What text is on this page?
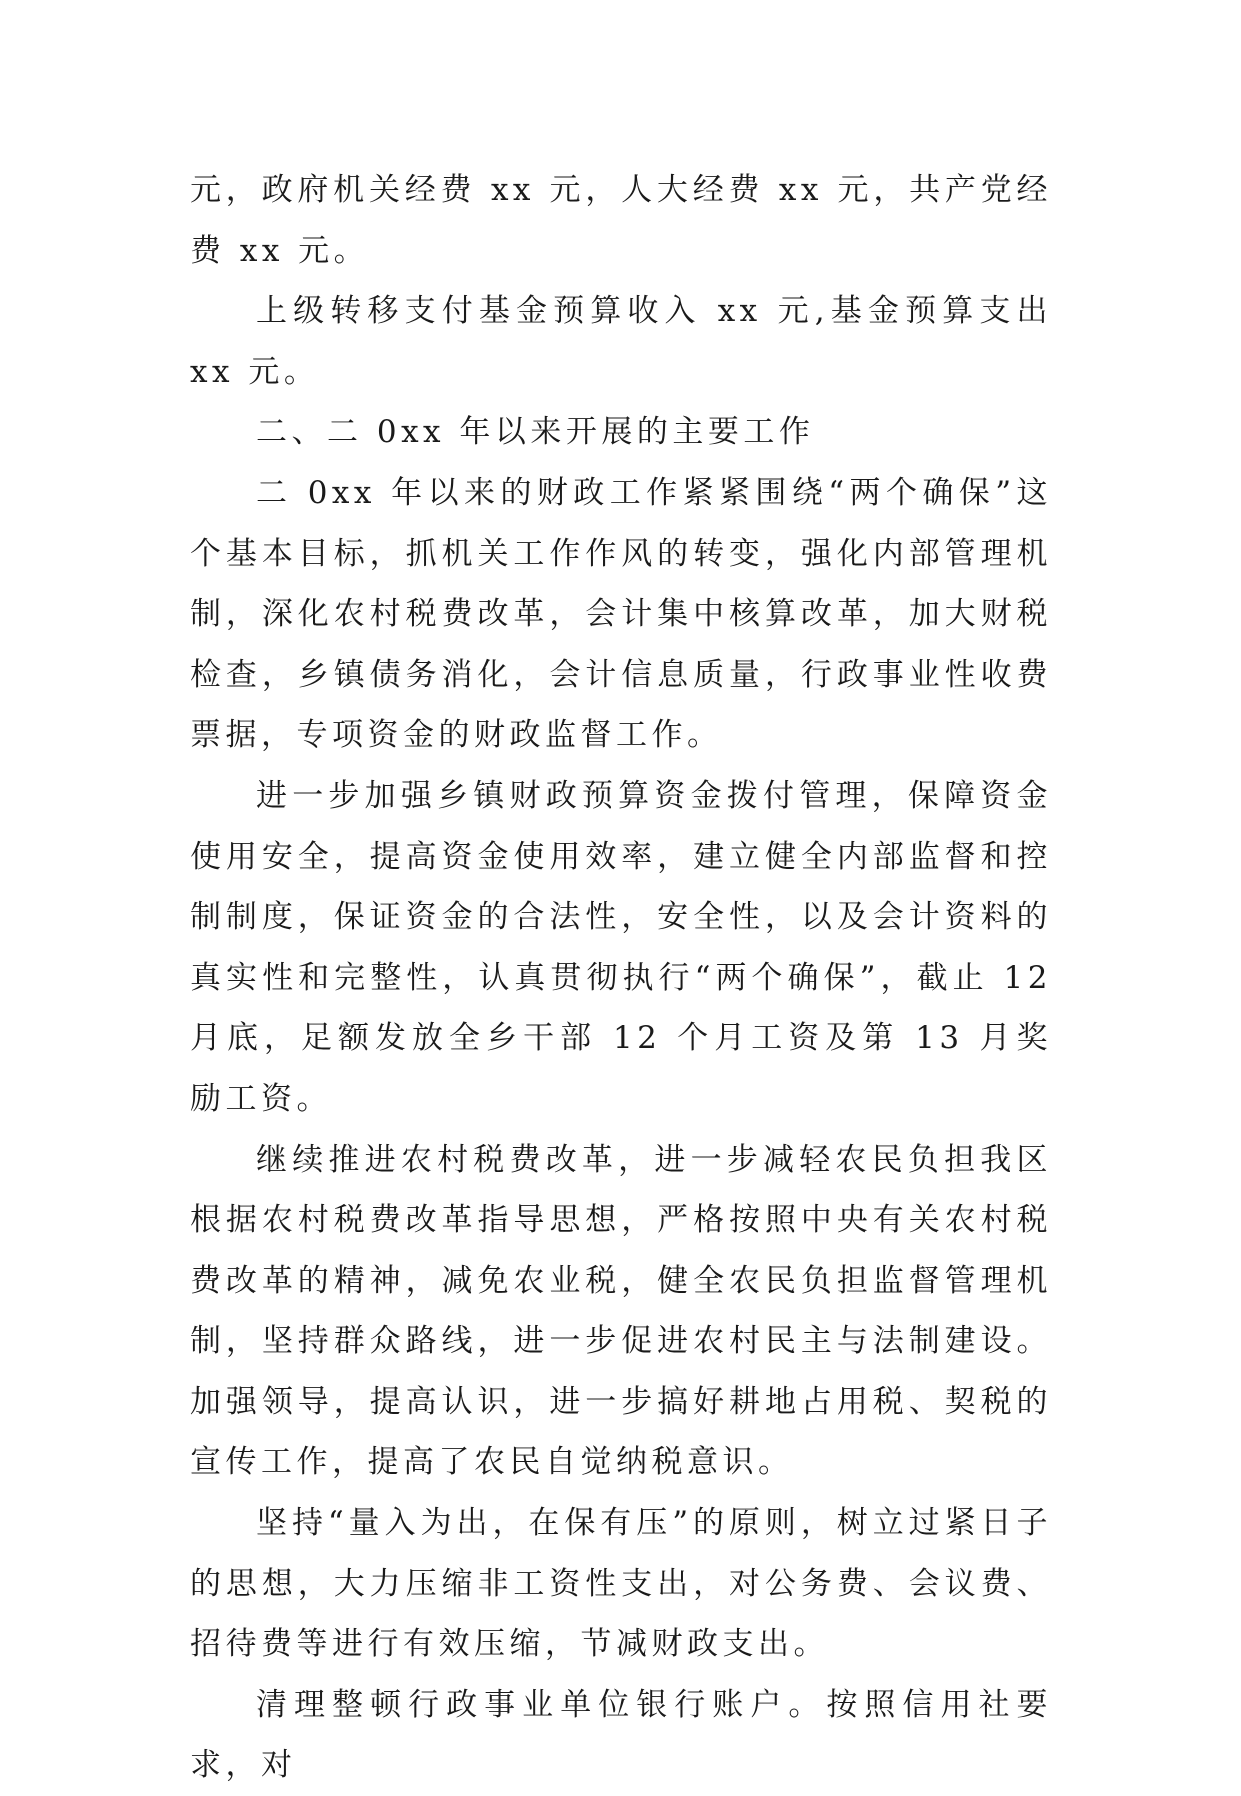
元，政府机关经费 xx 元，人大经费 xx 元，共产党经费 xx 元。

上级转移支付基金预算收入 xx 元,基金预算支出 xx 元。

二、二 0xx 年以来开展的主要工作

二 0xx 年以来的财政工作紧紧围绕“两个确保”这个基本目标，抓机关工作作风的转变，强化内部管理机制，深化农村税费改革，会计集中核算改革，加大财税检查，乡镇债务消化，会计信息质量，行政事业性收费票据，专项资金的财政监督工作。

进一步加强乡镇财政预算资金拨付管理，保障资金使用安全，提高资金使用效率，建立健全内部监督和控制制度，保证资金的合法性，安全性，以及会计资料的真实性和完整性，认真贯彻执行“两个确保”，截止 12 月底，足额发放全乡干部 12 个月工资及第 13 月奖励工资。

继续推进农村税费改革，进一步减轻农民负担我区根据农村税费改革指导思想，严格按照中央有关农村税费改革的精神，减免农业税，健全农民负担监督管理机制，坚持群众路线，进一步促进农村民主与法制建设。加强领导，提高认识，进一步搞好耕地占用税、契税的宣传工作，提高了农民自觉纳税意识。

坚持“量入为出，在保有压”的原则，树立过紧日子的思想，大力压缩非工资性支出，对公务费、会议费、招待费等进行有效压缩，节减财政支出。

清理整顿行政事业单位银行账户。按照信用社要求，对
